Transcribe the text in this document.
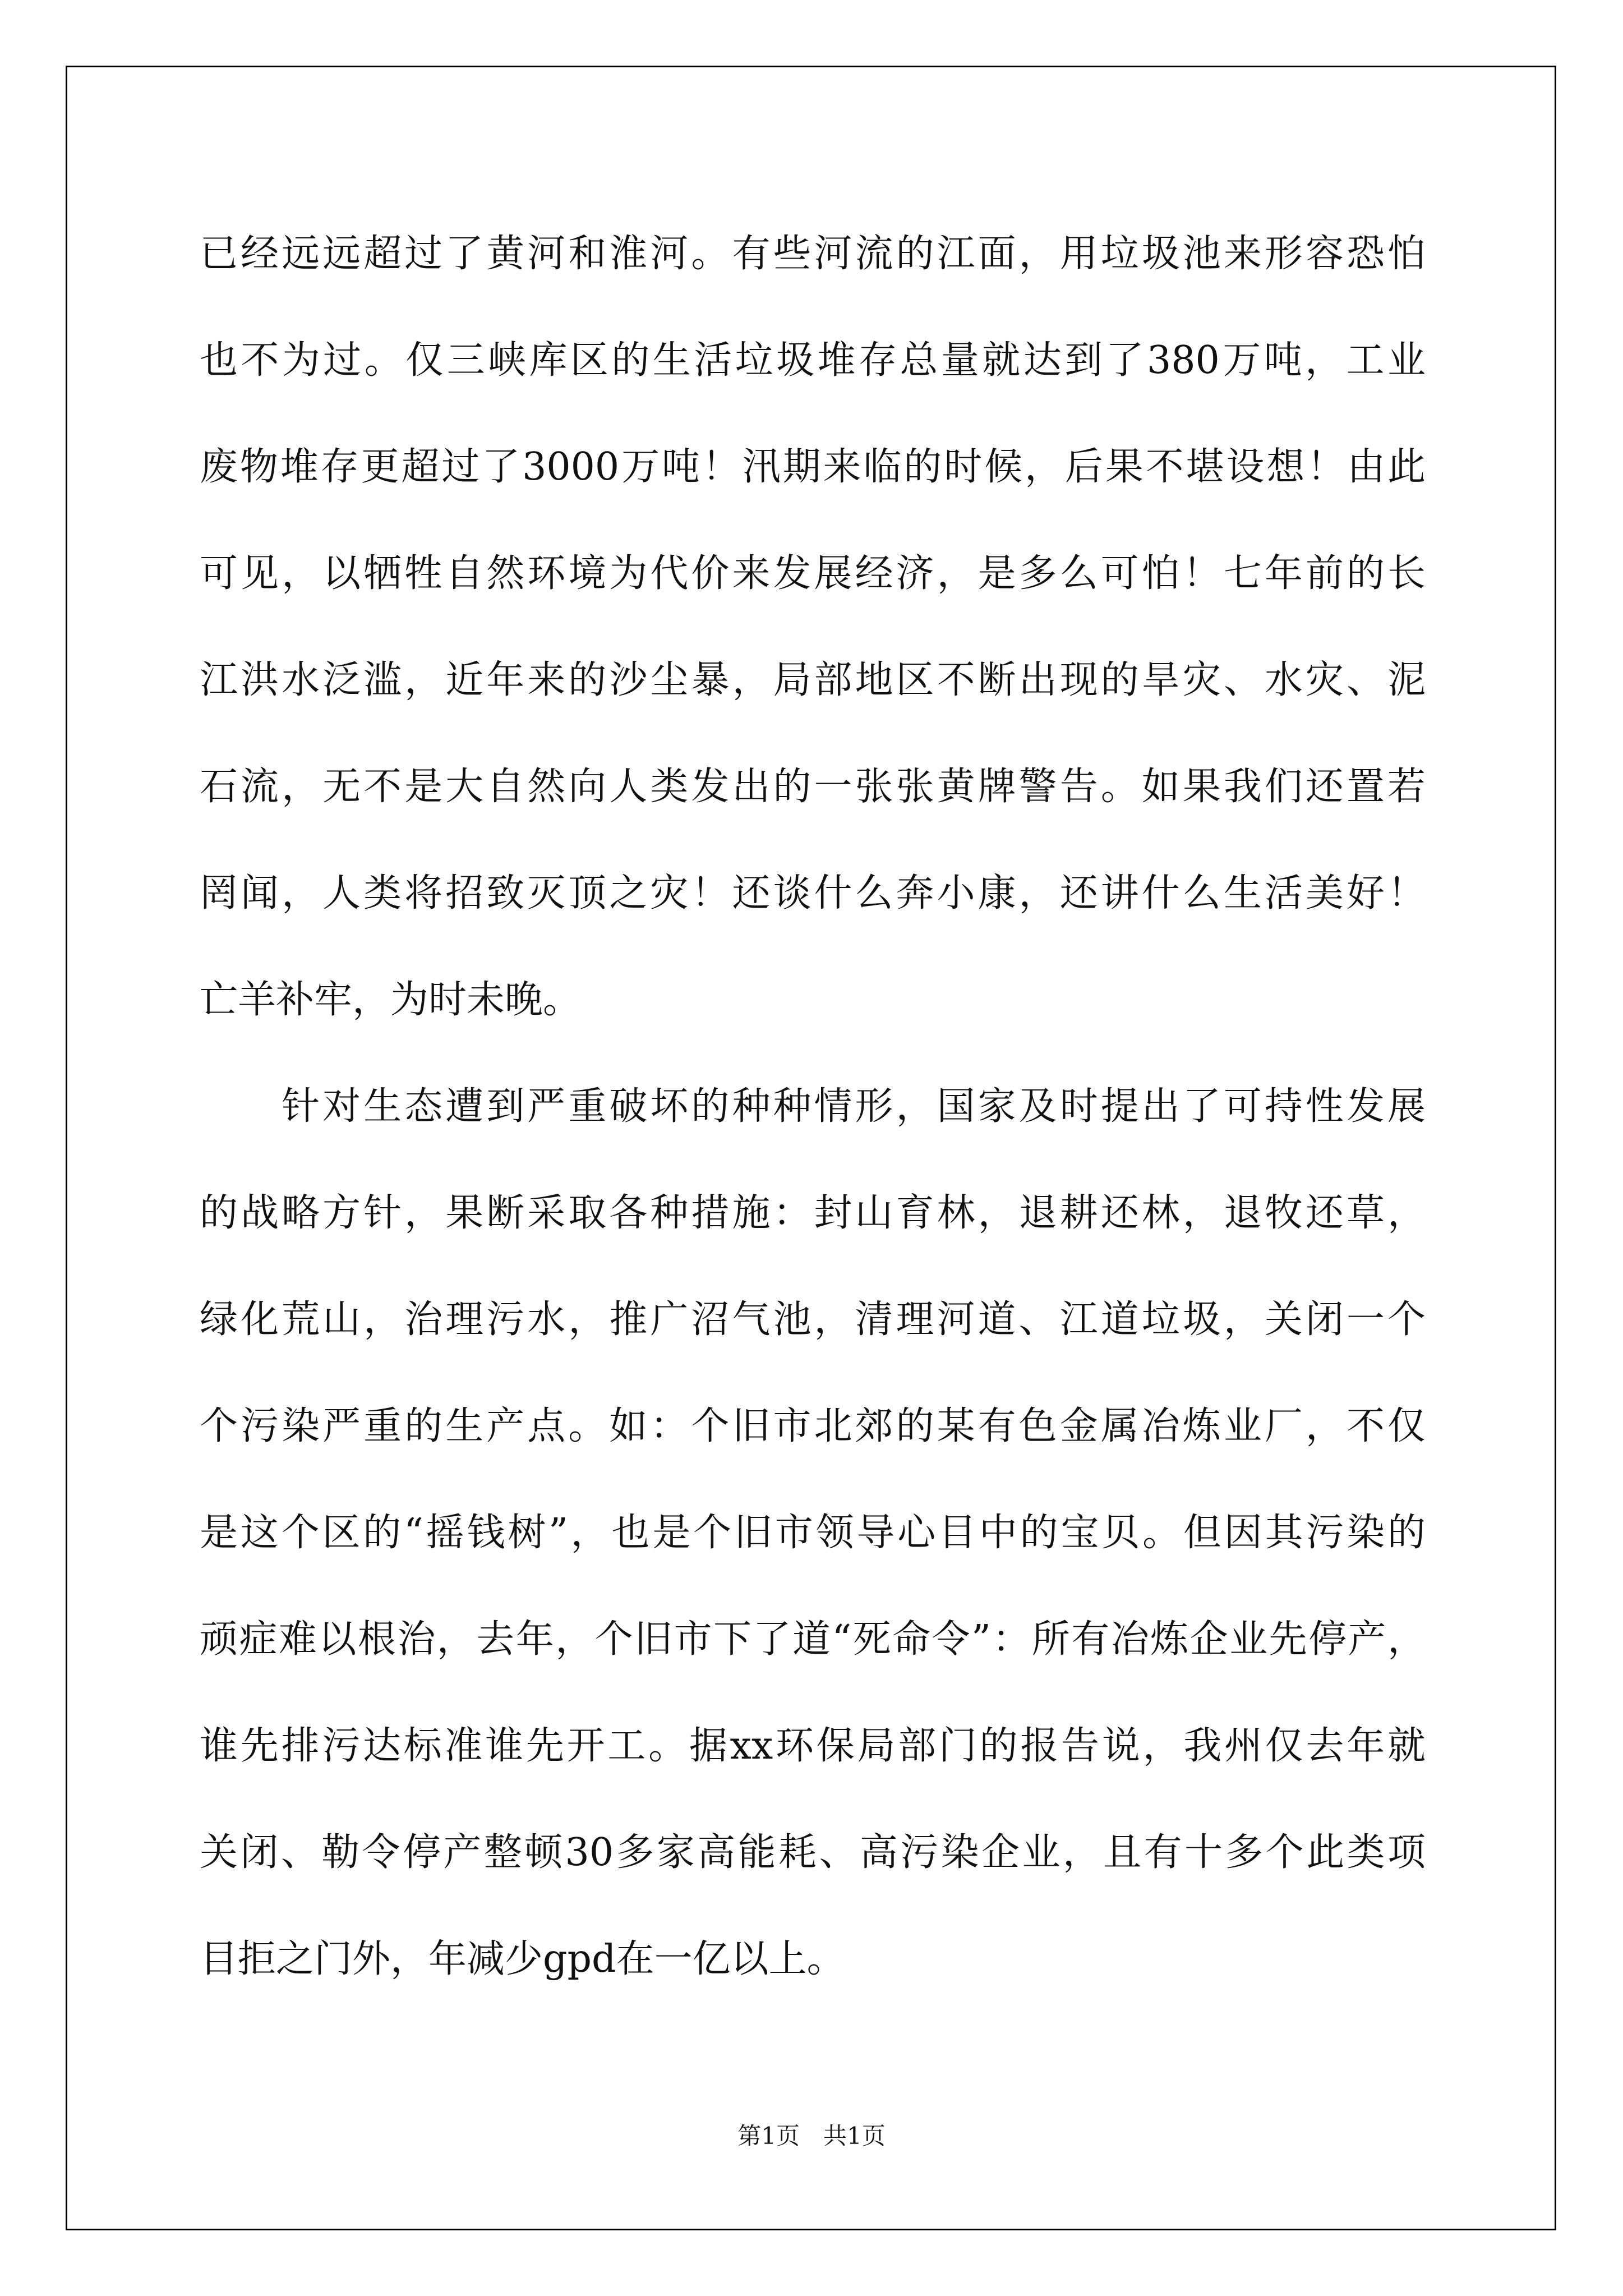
已经远远超过了黄河和淮河。有些河流的江面，用垃圾池来形容恐怕
也不为过。仅三峡库区的生活垃圾堆存总量就达到了380万吨，工业
废物堆存更超过了3000万吨！汛期来临的时候，后果不堪设想！由此
可见，以牺牲自然环境为代价来发展经济，是多么可怕！七年前的长
江洪水泛滥，近年来的沙尘暴，局部地区不断出现的旱灾、水灾、泥
石流，无不是大自然向人类发出的一张张黄牌警告。如果我们还置若
罔闻，人类将招致灭顶之灾！还谈什么奔小康，还讲什么生活美好！
亡羊补牢，为时未晚。
　　针对生态遭到严重破坏的种种情形，国家及时提出了可持性发展
的战略方针，果断采取各种措施：封山育林，退耕还林，退牧还草，
绿化荒山，治理污水，推广沼气池，清理河道、江道垃圾，关闭一个
个污染严重的生产点。如：个旧市北郊的某有色金属冶炼业厂，不仅
是这个区的“摇钱树”，也是个旧市领导心目中的宝贝。但因其污染的
顽症难以根治，去年，个旧市下了道“死命令”：所有冶炼企业先停产，
谁先排污达标准谁先开工。据xx环保局部门的报告说，我州仅去年就
关闭、勒令停产整顿30多家高能耗、高污染企业，且有十多个此类项
目拒之门外，年减少gpd在一亿以上。
第1页　共1页
